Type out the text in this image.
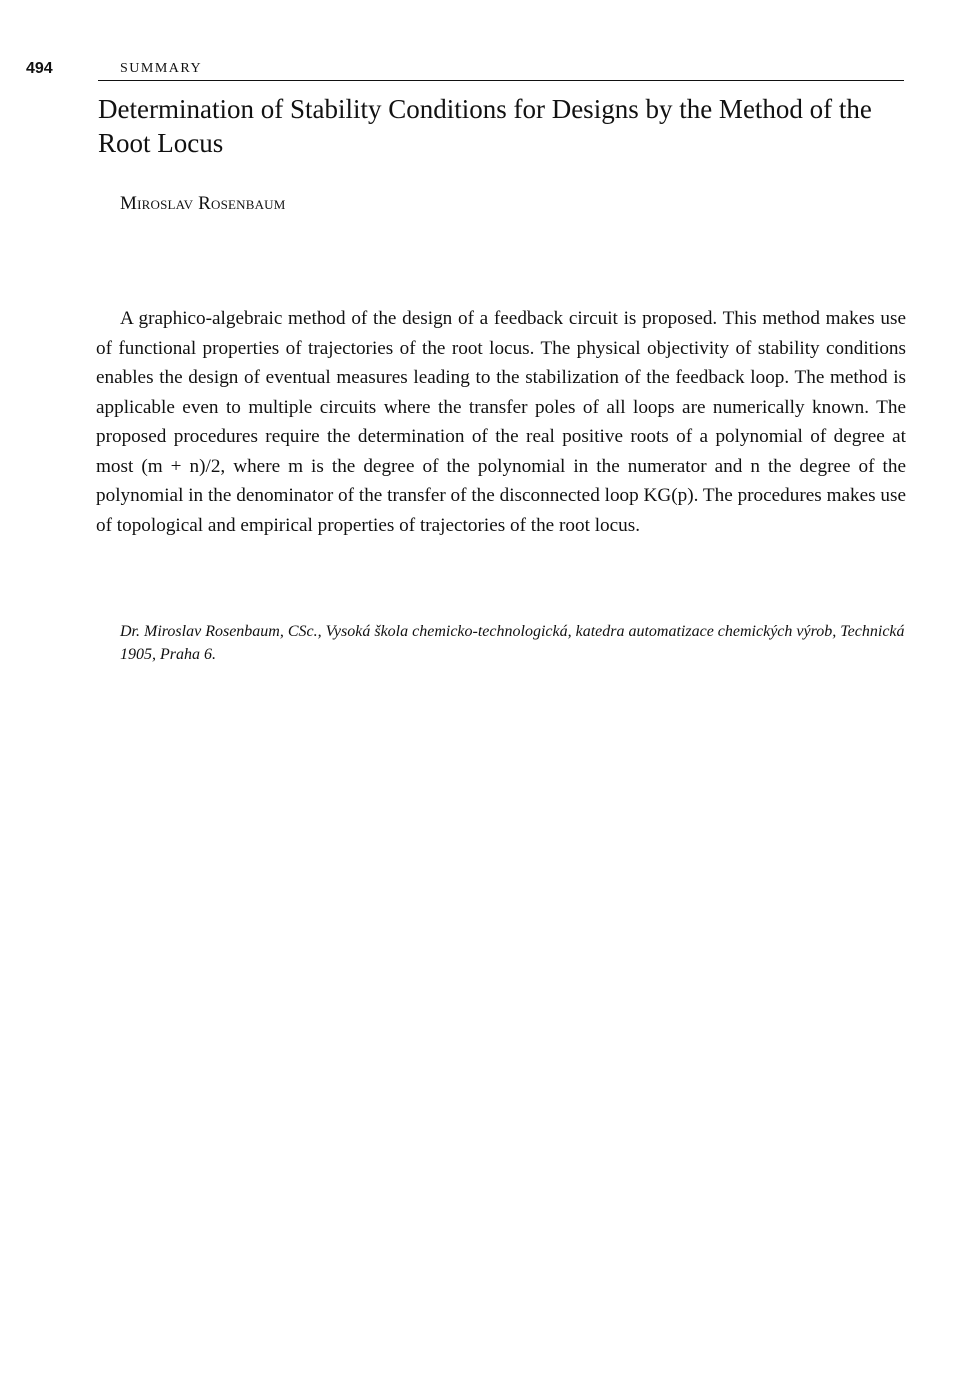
494	SUMMARY
Determination of Stability Conditions for Designs by the Method of the Root Locus

Miroslav Rosenbaum

A graphico-algebraic method of the design of a feedback circuit is proposed. This method makes use of functional properties of trajectories of the root locus. The physical objectivity of stability conditions enables the design of eventual measures leading to the stabilization of the feedback loop. The method is applicable even to multiple circuits where the transfer poles of all loops are numerically known. The proposed procedures require the determination of the real positive roots of a polynomial of degree at most (m + n)/2, where m is the degree of the polynomial in the numerator and n the degree of the polynomial in the denominator of the transfer of the disconnected loop KG(p). The procedures makes use of topological and empirical properties of trajectories of the root locus.

Dr. Miroslav Rosenbaum, CSc., Vysoká škola chemicko-technologická, katedra automatizace chemických výrob, Technická 1905, Praha 6.
